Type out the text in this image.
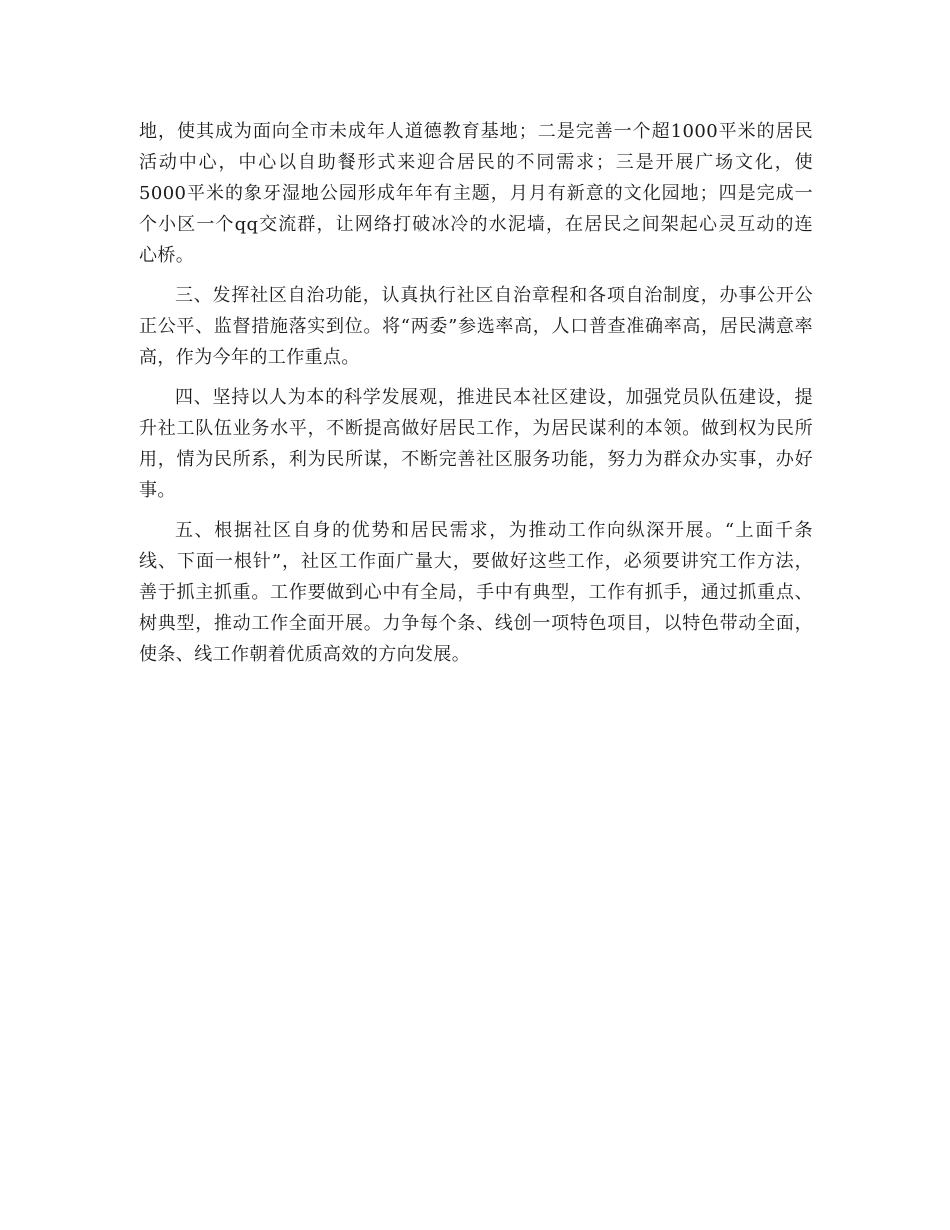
地，使其成为面向全市未成年人道德教育基地；二是完善一个超1000平米的居民
活动中心，中心以自助餐形式来迎合居民的不同需求；三是开展广场文化，使
5000平米的象牙湿地公园形成年年有主题，月月有新意的文化园地；四是完成一
个小区一个qq交流群，让网络打破冰冷的水泥墙，在居民之间架起心灵互动的连
心桥。
三、发挥社区自治功能，认真执行社区自治章程和各项自治制度，办事公开公
正公平、监督措施落实到位。将“两委”参选率高，人口普查准确率高，居民满意率
高，作为今年的工作重点。
四、坚持以人为本的科学发展观，推进民本社区建设，加强党员队伍建设，提
升社工队伍业务水平，不断提高做好居民工作，为居民谋利的本领。做到权为民所
用，情为民所系，利为民所谋，不断完善社区服务功能，努力为群众办实事，办好
事。
五、根据社区自身的优势和居民需求，为推动工作向纵深开展。“上面千条
线、下面一根针”，社区工作面广量大，要做好这些工作，必须要讲究工作方法，
善于抓主抓重。工作要做到心中有全局，手中有典型，工作有抓手，通过抓重点、
树典型，推动工作全面开展。力争每个条、线创一项特色项目，以特色带动全面，
使条、线工作朝着优质高效的方向发展。
